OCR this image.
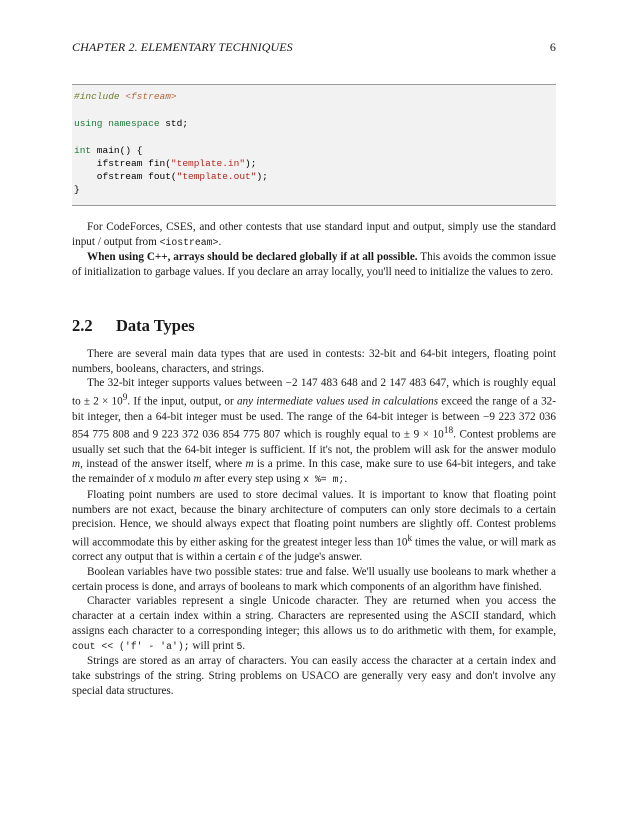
CHAPTER 2. ELEMENTARY TECHNIQUES	6
#include <fstream>
using namespace std;
int main() {
ifstream fin("template.in");
ofstream fout("template.out");
}

For CodeForces, CSES, and other contests that use standard input and output, simply use the standard input / output from <iostream>.

When using C++, arrays should be declared globally if at all possible. This avoids the common issue of initialization to garbage values. If you declare an array locally, you'll need to initialize the values to zero.

2.2 Data Types

There are several main data types that are used in contests: 32-bit and 64-bit integers, floating point numbers, booleans, characters, and strings.

The 32-bit integer supports values between −2 147 483 648 and 2 147 483 647, which is roughly equal to ± $2 \times 10^9$. If the input, output, or any intermediate values used in calculations exceed the range of a 32-bit integer, then a 64-bit integer must be used. The range of the 64-bit integer is between −9 223 372 036 854 775 808 and 9 223 372 036 854 775 807 which is roughly equal to ± $9 \times 10^{18}$. Contest problems are usually set such that the 64-bit integer is sufficient. If it's not, the problem will ask for the answer modulo m, instead of the answer itself, where m is a prime. In this case, make sure to use 64-bit integers, and take the remainder of x modulo m after every step using x %= m;.

Floating point numbers are used to store decimal values. It is important to know that floating point numbers are not exact, because the binary architecture of computers can only store decimals to a certain precision. Hence, we should always expect that floating point numbers are slightly off. Contest problems will accommodate this by either asking for the greatest integer less than 10$^k$ times the value, or will mark as correct any output that is within a certain ϵ of the judge's answer.

Boolean variables have two possible states: true and false. We'll usually use booleans to mark whether a certain process is done, and arrays of booleans to mark which components of an algorithm have finished.

Character variables represent a single Unicode character. They are returned when you access the character at a certain index within a string. Characters are represented using the ASCII standard, which assigns each character to a corresponding integer; this allows us to do arithmetic with them, for example, cout << ('f' - 'a'); will print 5.

Strings are stored as an array of characters. You can easily access the character at a certain index and take substrings of the string. String problems on USACO are generally very easy and don't involve any special data structures.
